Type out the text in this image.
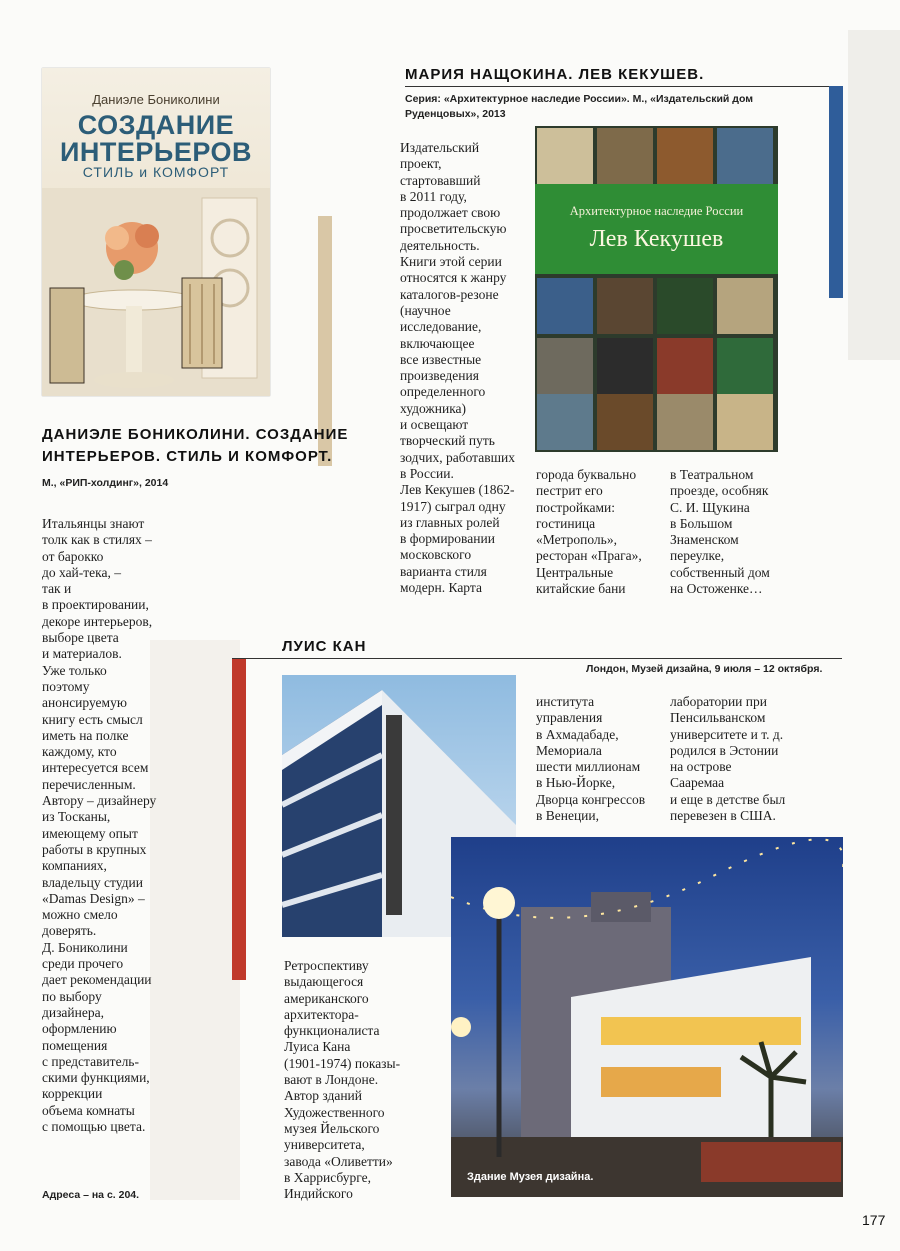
Даниэле Бониколини
СОЗДАНИЕ
ИНТЕРЬЕРОВ
СТИЛЬ и КОМФОРТ
ДАНИЭЛЕ БОНИКОЛИНИ. СОЗДАНИЕ
ИНТЕРЬЕРОВ. СТИЛЬ И КОМФОРТ.
М., «РИП-холдинг», 2014
Итальянцы знают
толк как в стилях –
от барокко
до хай-тека, –
так и
в проектировании,
декоре интерьеров,
выборе цвета
и материалов.
Уже только
поэтому
анонсируемую
книгу есть смысл
иметь на полке
каждому, кто
интересуется всем
перечисленным.
Автору – дизайнеру
из Тосканы,
имеющему опыт
работы в крупных
компаниях,
владельцу студии
«Damas Design» –
можно смело
доверять.
Д. Бониколини
среди прочего
дает рекомендации
по выбору
дизайнера,
оформлению
помещения
с представитель-
скими функциями,
коррекции
объема комнаты
с помощью цвета.
Адреса – на с. 204.
МАРИЯ НАЩОКИНА. ЛЕВ КЕКУШЕВ.
Серия: «Архитектурное наследие России». М., «Издательский дом Руденцовых», 2013
Архитектурное наследие России
Лев Кекушев
Издательский
проект,
стартовавший
в 2011 году,
продолжает свою
просветительскую
деятельность.
Книги этой серии
относятся к жанру
каталогов-резоне
(научное
исследование,
включающее
все известные
произведения
определенного
художника)
и освещают
творческий путь
зодчих, работавших
в России.
Лев Кекушев (1862-
1917) сыграл одну
из главных ролей
в формировании
московского
варианта стиля
модерн. Карта
города буквально
пестрит его
постройками:
гостиница
«Метрополь»,
ресторан «Прага»,
Центральные
китайские бани
в Театральном
проезде, особняк
С. И. Щукина
в Большом
Знаменском
переулке,
собственный дом
на Остоженке…
ЛУИС КАН
Лондон, Музей дизайна, 9 июля – 12 октября.
Ретроспективу
выдающегося
американского
архитектора-
функционалиста
Луиса Кана
(1901-1974) показы-
вают в Лондоне.
Автор зданий
Художественного
музея Йельского
университета,
завода «Оливетти»
в Харрисбурге,
Индийского
института
управления
в Ахмадабаде,
Мемориала
шести миллионам
в Нью-Йорке,
Дворца конгрессов
в Венеции,
лаборатории при
Пенсильванском
университете и т. д.
родился в Эстонии
на острове
Сааремаа
и еще в детстве был
перевезен в США.
Здание Музея дизайна.
177
